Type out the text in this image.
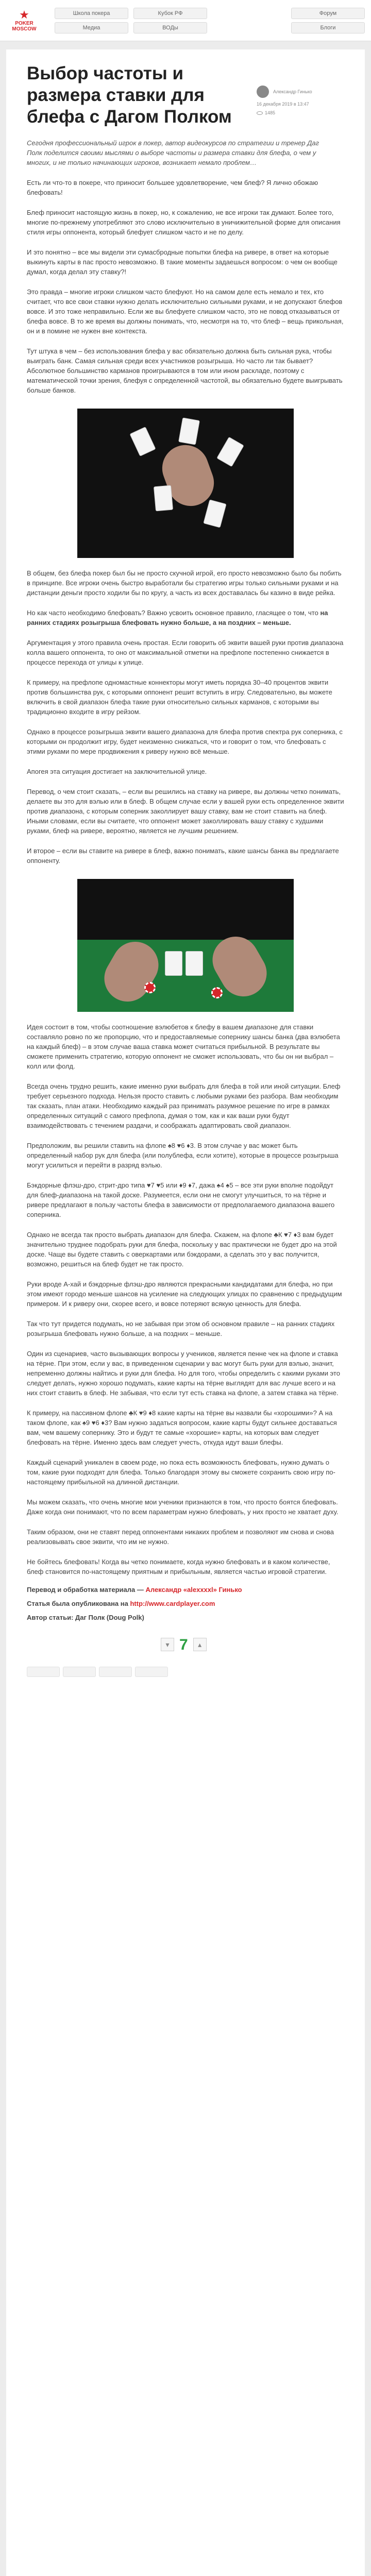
★
POKER
MOSCOW
Школа покера	Кубок РФ	Форум
Медиа	ВОДы	Блоги
Выбор частоты и размера ставки для блефа с Дагом Полком
Александр Гинько
16 декабря 2019 в 13:47
1485
Сегодня профессиональный игрок в покер, автор видеокурсов по стратегии и тренер Даг Полк поделится своими мыслями о выборе частоты и размера ставки для блефа, о чем у многих, и не только начинающих игроков, возникает немало проблем…

Есть ли что-то в покере, что приносит большее удовлетворение, чем блеф? Я лично обожаю блефовать!

Блеф приносит настоящую жизнь в покер, но, к сожалению, не все игроки так думают. Более того, многие по-прежнему употребляют это слово исключительно в уничижительной форме для описания стиля игры оппонента, который блефует слишком часто и не по делу.

И это понятно – все мы видели эти сумасбродные попытки блефа на ривере, в ответ на которые выкинуть карты в пас просто невозможно. В такие моменты задаешься вопросом: о чем он вообще думал, когда делал эту ставку?!

Это правда – многие игроки слишком часто блефуют. Но на самом деле есть немало и тех, кто считает, что все свои ставки нужно делать исключительно сильными руками, и не допускают блефов вовсе. И это тоже неправильно. Если же вы блефуете слишком часто, это не повод отказываться от блефа вовсе. В то же время вы должны понимать, что, несмотря на то, что блеф – вещь прикольная, он и в помине не нужен вне контекста.

Тут штука в чем – без использования блефа у вас обязательно должна быть сильная рука, чтобы выиграть банк. Самая сильная среди всех участников розыгрыша. Но часто ли так бывает? Абсолютное большинство карманов проигрываются в том или ином раскладе, поэтому с математической точки зрения, блефуя с определенной частотой, вы обязательно будете выигрывать больше банков.

В общем, без блефа покер был бы не просто скучной игрой, его просто невозможно было бы побить в принципе. Все игроки очень быстро выработали бы стратегию игры только сильными руками и на дистанции деньги просто ходили бы по кругу, а часть из всех доставалась бы казино в виде рейка.

Но как часто необходимо блефовать? Важно усвоить основное правило, гласящее о том, что на ранних стадиях розыгрыша блефовать нужно больше, а на поздних – меньше.

Аргументация у этого правила очень простая. Если говорить об эквити вашей руки против диапазона колла вашего оппонента, то оно от максимальной отметки на префлопе постепенно снижается в процессе перехода от улицы к улице.

К примеру, на префлопе одномастные коннекторы могут иметь порядка 30–40 процентов эквити против большинства рук, с которыми оппонент решит вступить в игру. Следовательно, вы можете включить в свой диапазон блефа такие руки относительно сильных карманов, с которыми вы традиционно входите в игру рейзом.

Однако в процессе розыгрыша эквити вашего диапазона для блефа против спектра рук соперника, с которыми он продолжит игру, будет неизменно снижаться, что и говорит о том, что блефовать с этими руками по мере продвижения к риверу нужно всё меньше.

Апогея эта ситуация достигает на заключительной улице.

Перевод, о чем стоит сказать, – если вы решились на ставку на ривере, вы должны четко понимать, делаете вы это для вэлью или в блеф. В общем случае если у вашей руки есть определенное эквити против диапазона, с которым соперник заколлирует вашу ставку, вам не стоит ставить на блеф. Иными словами, если вы считаете, что оппонент может заколлировать вашу ставку с худшими руками, блеф на ривере, вероятно, является не лучшим решением.

И второе – если вы ставите на ривере в блеф, важно понимать, какие шансы банка вы предлагаете оппоненту.

Идея состоит в том, чтобы соотношение вэлюбетов к блефу в вашем диапазоне для ставки составляло ровно по же пропорцию, что и предоставляемые сопернику шансы банка (два вэлюбета на каждый блеф) – в этом случае ваша ставка может считаться прибыльной. В результате вы сможете применить стратегию, которую оппонент не сможет использовать, что бы он ни выбрал – колл или фолд.

Всегда очень трудно решить, какие именно руки выбрать для блефа в той или иной ситуации. Блеф требует серьезного подхода. Нельзя просто ставить с любыми руками без разбора. Вам необходим так сказать, план атаки. Необходимо каждый раз принимать разумное решение по игре в рамках определенных ситуаций с самого префлопа, думая о том, как и как ваши руки будут взаимодействовать с течением раздачи, и соображать адаптировать свой диапазон.

Предположим, вы решили ставить на флопе ♠8 ♥6 ♦3. В этом случае у вас может быть определенный набор рук для блефа (или полублефа, если хотите), которые в процессе розыгрыша могут усилиться и перейти в разряд вэлью.

Бэкдорные флэш-дро, стрит-дро типа ♥7 ♥5 или ♦9 ♦7, дажа ♠4 ♠5 – все эти руки вполне подойдут для блеф-диапазона на такой доске. Разумеется, если они не смогут улучшиться, то на тёрне и ривере предлагают в пользу частоты блефа в зависимости от предполагаемого диапазона вашего соперника.

Однако не всегда так просто выбрать диапазон для блефа. Скажем, на флопе ♣К ♥7 ♦3 вам будет значительно труднее подобрать руки для блефа, поскольку у вас практически не будет дро на этой доске. Чаще вы будете ставить с оверкартами или бэкдорами, а сделать это у вас получится, возможно, решиться на блеф будет не так просто.

Руки вроде А-хай и бэкдорные флэш-дро являются прекрасными кандидатами для блефа, но при этом имеют городо меньше шансов на усиление на следующих улицах по сравнению с предыдущим примером. И к риверу они, скорее всего, и вовсе потеряют всякую ценность для блефа.

Так что тут придется подумать, но не забывая при этом об основном правиле – на ранних стадиях розыгрыша блефовать нужно больше, а на поздних – меньше.

Один из сценариев, часто вызывающих вопросы у учеников, является пенне чек на флопе и ставка на тёрне. При этом, если у вас, в приведенном сценарии у вас могут быть руки для вэлью, значит, непременно должны найтись и руки для блефа. Но для того, чтобы определить с какими руками это следует делать, нужно хорошо подумать, какие карты на тёрне выглядят для вас лучше всего и на них стоит ставить в блеф. Не забывая, что если тут есть ставка на флопе, а затем ставка на тёрне.

К примеру, на пассивном флопе ♣К ♥9 ♦8 какие карты на тёрне вы назвали бы «хорошими»? А на таком флопе, как ♠9 ♥6 ♦3? Вам нужно задаться вопросом, какие карты будут сильнее доставаться вам, чем вашему сопернику. Это и будут те самые «хорошие» карты, на которых вам следует блефовать на тёрне. Именно здесь вам следует учесть, откуда идут ваши блефы.

Каждый сценарий уникален в своем роде, но пока есть возможность блефовать, нужно думать о том, какие руки подходят для блефа. Только благодаря этому вы сможете сохранить свою игру по-настоящему прибыльной на длинной дистанции.

Мы можем сказать, что очень многие мои ученики признаются в том, что просто боятся блефовать. Даже когда они понимают, что по всем параметрам нужно блефовать, у них просто не хватает духу.

Таким образом, они не ставят перед оппонентами никаких проблем и позволяют им снова и снова реализовывать свое эквити, что им не нужно.

Не бойтесь блефовать! Когда вы четко понимаете, когда нужно блефовать и в каком количестве, блеф становится по-настоящему приятным и прибыльным, является частью игровой стратегии.

Перевод и обработка материала — Александр «alexxxxl» Гинько

Статья была опубликована на http://www.cardplayer.com

Автор статьи: Даг Полк (Doug Polk)

▾ 7	▴
